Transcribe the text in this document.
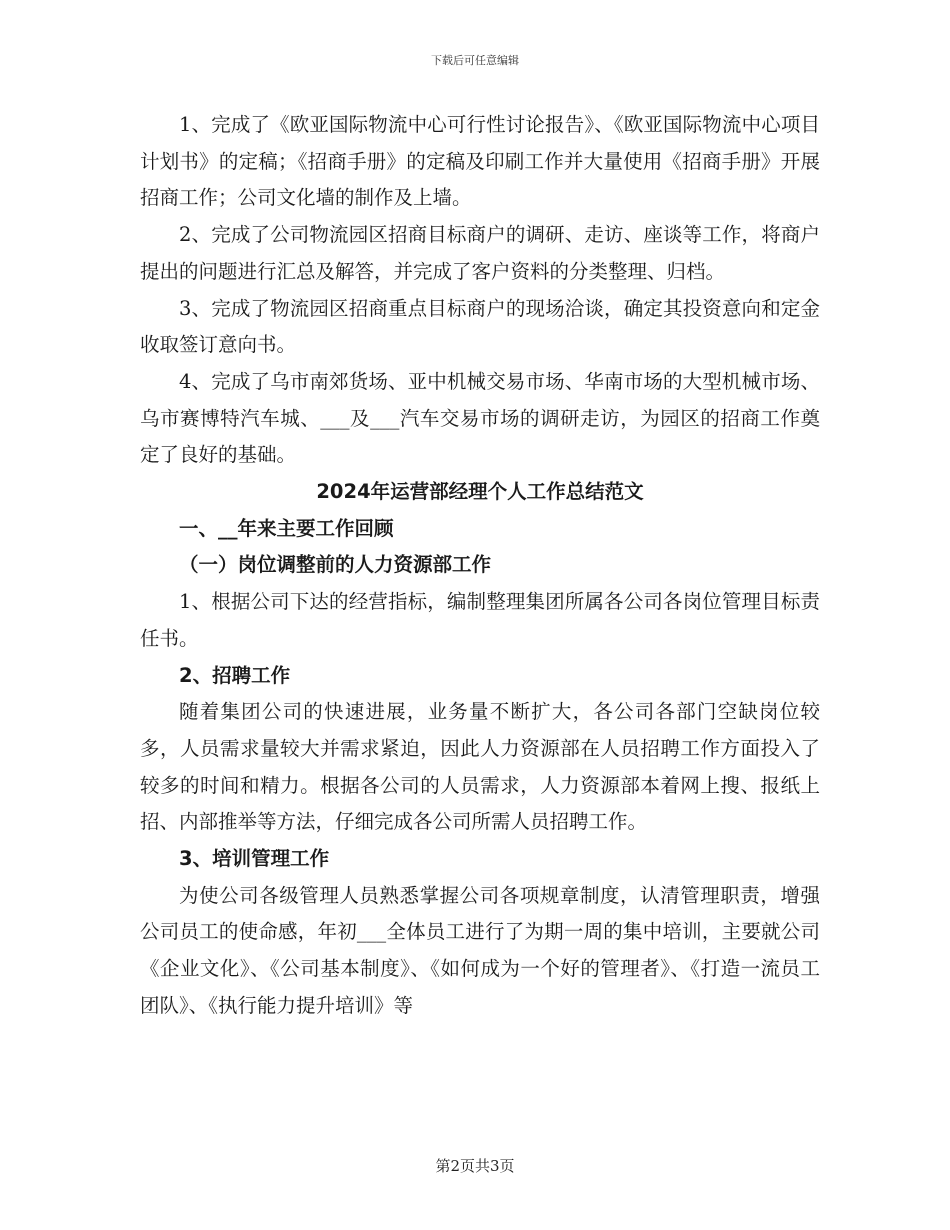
下载后可任意编辑

1、完成了《欧亚国际物流中心可行性讨论报告》、《欧亚国际物流中心项目计划书》的定稿；《招商手册》的定稿及印刷工作并大量使用《招商手册》开展招商工作；公司文化墙的制作及上墙。

2、完成了公司物流园区招商目标商户的调研、走访、座谈等工作，将商户提出的问题进行汇总及解答，并完成了客户资料的分类整理、归档。

3、完成了物流园区招商重点目标商户的现场洽谈，确定其投资意向和定金收取签订意向书。

4、完成了乌市南郊货场、亚中机械交易市场、华南市场的大型机械市场、乌市赛博特汽车城、___及___汽车交易市场的调研走访，为园区的招商工作奠定了良好的基础。

2024年运营部经理个人工作总结范文

一、__年来主要工作回顾

（一）岗位调整前的人力资源部工作

1、根据公司下达的经营指标，编制整理集团所属各公司各岗位管理目标责任书。

2、招聘工作

随着集团公司的快速进展，业务量不断扩大，各公司各部门空缺岗位较多，人员需求量较大并需求紧迫，因此人力资源部在人员招聘工作方面投入了较多的时间和精力。根据各公司的人员需求，人力资源部本着网上搜、报纸上招、内部推举等方法，仔细完成各公司所需人员招聘工作。

3、培训管理工作

为使公司各级管理人员熟悉掌握公司各项规章制度，认清管理职责，增强公司员工的使命感，年初___全体员工进行了为期一周的集中培训，主要就公司《企业文化》、《公司基本制度》、《如何成为一个好的管理者》、《打造一流员工团队》、《执行能力提升培训》等

第2页共3页
